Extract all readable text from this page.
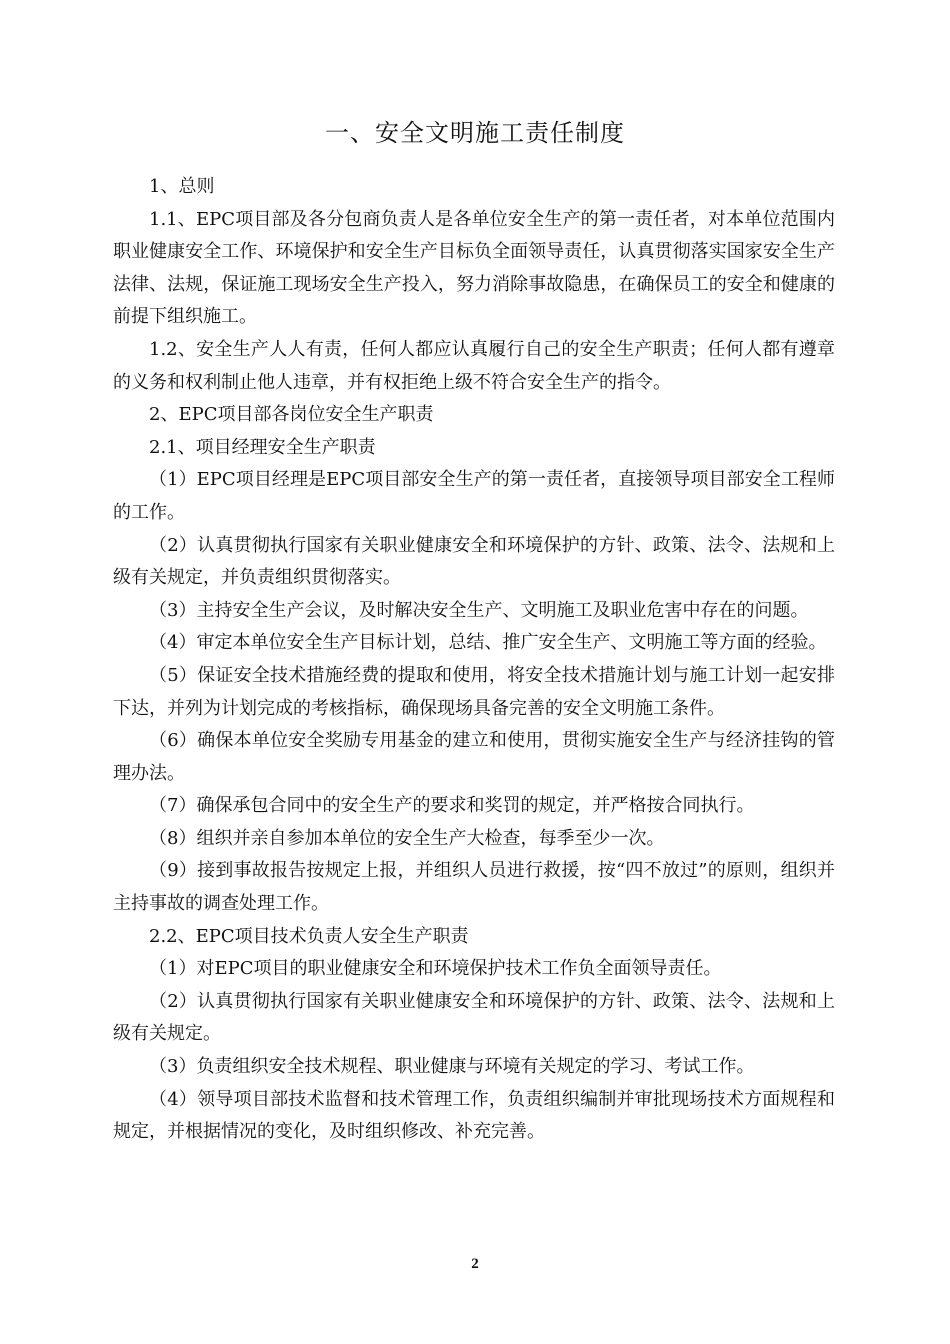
一、安全文明施工责任制度

1、总则

1.1、EPC项目部及各分包商负责人是各单位安全生产的第一责任者，对本单位范围内职业健康安全工作、环境保护和安全生产目标负全面领导责任，认真贯彻落实国家安全生产法律、法规，保证施工现场安全生产投入，努力消除事故隐患，在确保员工的安全和健康的前提下组织施工。

1.2、安全生产人人有责，任何人都应认真履行自己的安全生产职责；任何人都有遵章的义务和权利制止他人违章，并有权拒绝上级不符合安全生产的指令。

2、EPC项目部各岗位安全生产职责

2.1、项目经理安全生产职责

（1）EPC项目经理是EPC项目部安全生产的第一责任者，直接领导项目部安全工程师的工作。

（2）认真贯彻执行国家有关职业健康安全和环境保护的方针、政策、法令、法规和上级有关规定，并负责组织贯彻落实。

（3）主持安全生产会议，及时解决安全生产、文明施工及职业危害中存在的问题。

（4）审定本单位安全生产目标计划，总结、推广安全生产、文明施工等方面的经验。

（5）保证安全技术措施经费的提取和使用，将安全技术措施计划与施工计划一起安排下达，并列为计划完成的考核指标，确保现场具备完善的安全文明施工条件。

（6）确保本单位安全奖励专用基金的建立和使用，贯彻实施安全生产与经济挂钩的管理办法。

（7）确保承包合同中的安全生产的要求和奖罚的规定，并严格按合同执行。

（8）组织并亲自参加本单位的安全生产大检查，每季至少一次。

（9）接到事故报告按规定上报，并组织人员进行救援，按“四不放过”的原则，组织并主持事故的调查处理工作。

2.2、EPC项目技术负责人安全生产职责

（1）对EPC项目的职业健康安全和环境保护技术工作负全面领导责任。

（2）认真贯彻执行国家有关职业健康安全和环境保护的方针、政策、法令、法规和上级有关规定。

（3）负责组织安全技术规程、职业健康与环境有关规定的学习、考试工作。

（4）领导项目部技术监督和技术管理工作，负责组织编制并审批现场技术方面规程和规定，并根据情况的变化，及时组织修改、补充完善。

2
